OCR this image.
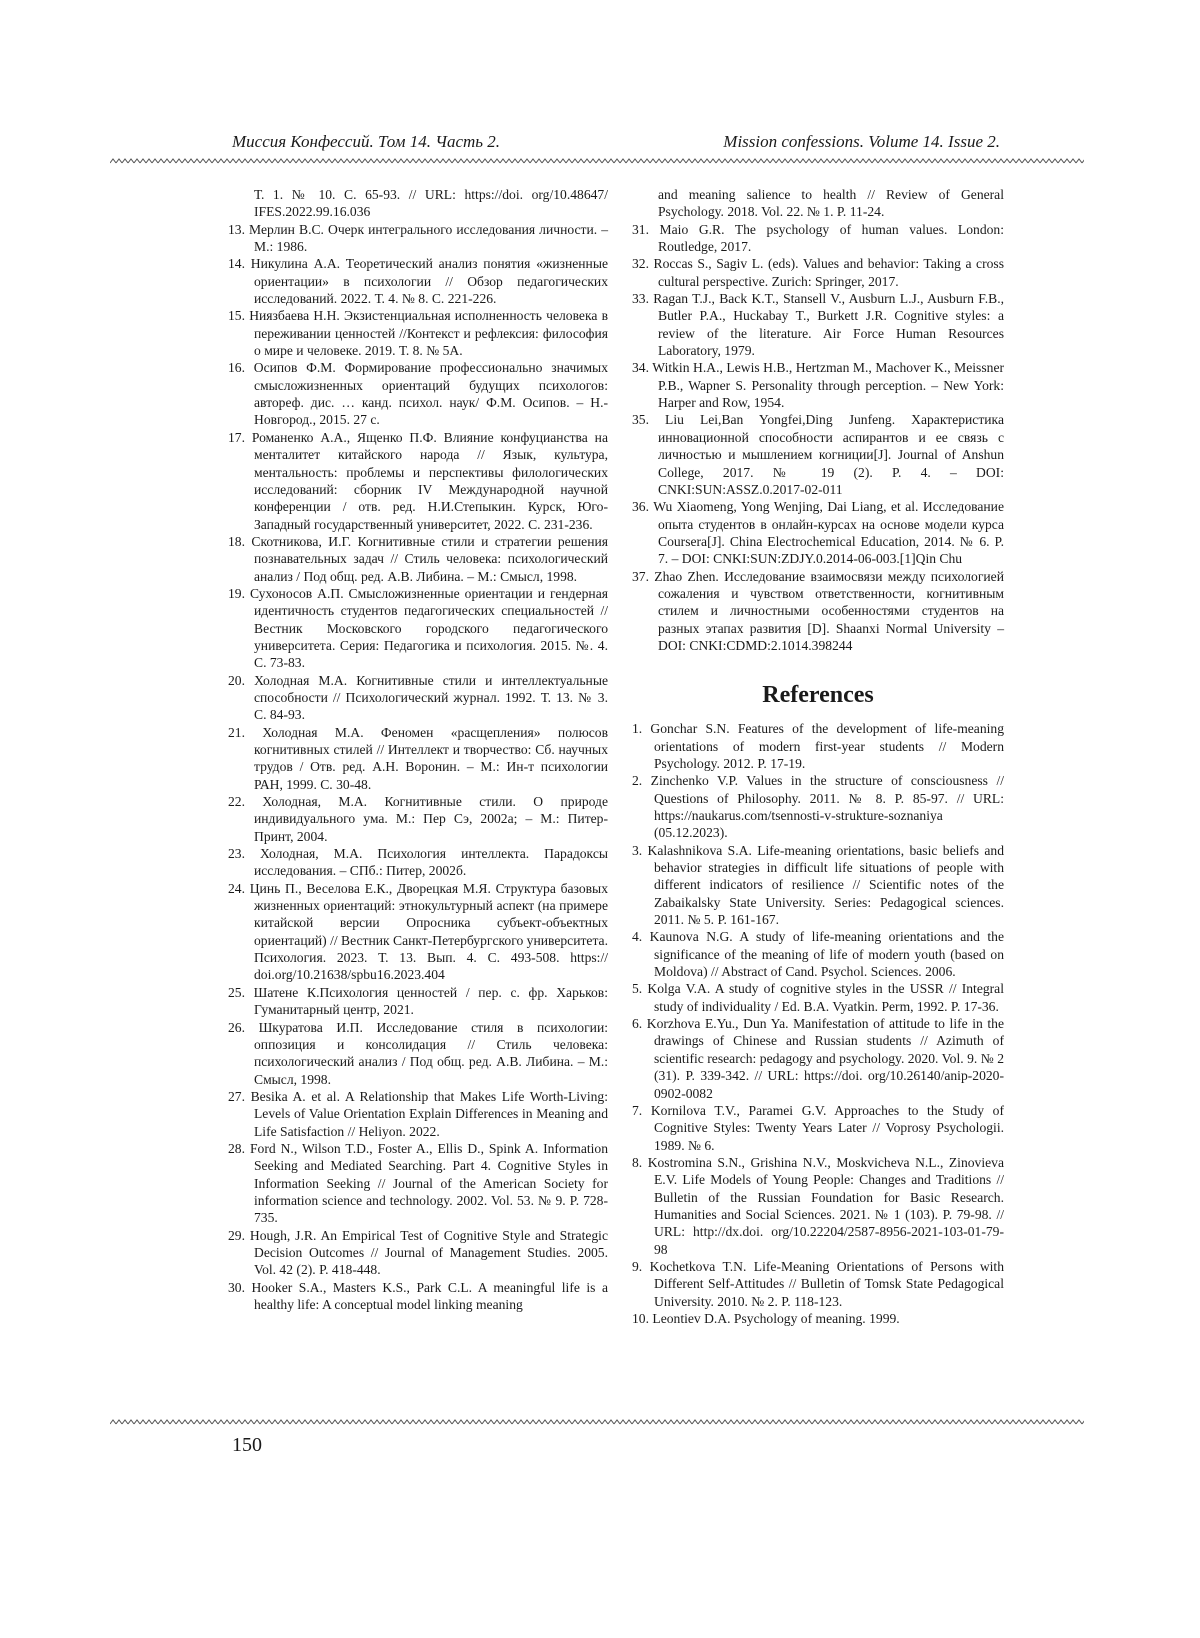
Миссия Конфессий. Том 14. Часть 2.	Mission confessions. Volume 14. Issue 2.

Т. 1. № 10. С. 65-93. // URL: https://doi. org/10.48647/ IFES.2022.99.16.036

13. Мерлин В.С. Очерк интегрального исследования личности. – М.: 1986.

14. Никулина А.А. Теоретический анализ понятия «жизненные ориентации» в психологии // Обзор педагогических исследований. 2022. Т. 4. № 8. С. 221-226.

15. Ниязбаева Н.Н. Экзистенциальная исполненность человека в переживании ценностей //Контекст и рефлексия: философия о мире и человеке. 2019. Т. 8. № 5А.

16. Осипов Ф.М. Формирование профессионально значимых смысложизненных ориентаций будущих психологов: автореф. дис. … канд. психол. наук/ Ф.М. Осипов. – Н.-Новгород., 2015. 27 с.

17. Романенко А.А., Ященко П.Ф. Влияние конфуцианства на менталитет китайского народа // Язык, культура, ментальность: проблемы и перспективы филологических исследований: сборник IV Международной научной конференции / отв. ред. Н.И.Степыкин. Курск, Юго-Западный государственный университет, 2022. С. 231-236.

18. Скотникова, И.Г. Когнитивные стили и стратегии решения познавательных задач // Стиль человека: психологический анализ / Под общ. ред. А.В. Либина. – М.: Смысл, 1998.

19. Сухоносов А.П. Смысложизненные ориентации и гендерная идентичность студентов педагогических специальностей //Вестник Московского городского педагогического университета. Серия: Педагогика и психология. 2015. №. 4. С. 73-83.

20. Холодная М.А. Когнитивные стили и интеллектуальные способности // Психологический журнал. 1992. Т. 13. № 3. С. 84-93.

21. Холодная М.А. Феномен «расщепления» полюсов когнитивных стилей // Интеллект и творчество: Сб. научных трудов / Отв. ред. А.Н. Воронин. – М.: Ин-т психологии РАН, 1999. С. 30-48.

22. Холодная, М.А. Когнитивные стили. О природе индивидуального ума. М.: Пер Сэ, 2002а; – М.: Питер-Принт, 2004.

23. Холодная, М.А. Психология интеллекта. Парадоксы исследования. – СПб.: Питер, 2002б.

24. Цинь П., Веселова Е.К., Дворецкая М.Я. Структура базовых жизненных ориентаций: этнокультурный аспект (на примере китайской версии Опросника субъект-объектных ориентаций) // Вестник Санкт-Петербургского университета. Психология. 2023. Т. 13. Вып. 4. С. 493-508. https:// doi.org/10.21638/spbu16.2023.404

25. Шатене К.Психология ценностей / пер. с. фр. Харьков: Гуманитарный центр, 2021.

26. Шкуратова И.П. Исследование стиля в психологии: оппозиция и консолидация // Стиль человека: психологический анализ / Под общ. ред. А.В. Либина. – М.: Смысл, 1998.

27. Besika A. et al. A Relationship that Makes Life Worth-Living: Levels of Value Orientation Explain Differences in Meaning and Life Satisfaction // Heliyon. 2022.

28. Ford N., Wilson T.D., Foster A., Ellis D., Spink A. Information Seeking and Mediated Searching. Part 4. Cognitive Styles in Information Seeking // Journal of the American Society for information science and technology. 2002. Vol. 53. № 9. P. 728-735.

29. Hough, J.R. An Empirical Test of Cognitive Style and Strategic Decision Outcomes // Journal of Management Studies. 2005. Vol. 42 (2). P. 418-448.

30. Hooker S.A., Masters K.S., Park C.L. A meaningful life is a healthy life: A conceptual model linking meaning

and meaning salience to health // Review of General Psychology. 2018. Vol. 22. № 1. P. 11-24.

31. Maio G.R. The psychology of human values. London: Routledge, 2017.

32. Roccas S., Sagiv L. (eds). Values and behavior: Taking a cross cultural perspective. Zurich: Springer, 2017.

33. Ragan T.J., Back K.T., Stansell V., Ausburn L.J., Ausburn F.B., Butler P.A., Huckabay T., Burkett J.R. Cognitive styles: a review of the literature. Air Force Human Resources Laboratory, 1979.

34. Witkin H.A., Lewis H.B., Hertzman M., Machover K., Meissner P.B., Wapner S. Personality through perception. – New York: Harper and Row, 1954.

35. Liu Lei,Ban Yongfei,Ding Junfeng. Характеристика инновационной способности аспирантов и ее связь с личностью и мышлением когниции[J]. Journal of Anshun College, 2017. № 19 (2). P. 4. – DOI: CNKI:SUN:ASSZ.0.2017-02-011

36. Wu Xiaomeng, Yong Wenjing, Dai Liang, et al. Исследование опыта студентов в онлайн-курсах на основе модели курса Coursera[J]. China Electrochemical Education, 2014. № 6. P. 7. – DOI: CNKI:SUN:ZDJY.0.2014-06-003.[1]Qin Chu

37. Zhao Zhen. Исследование взаимосвязи между психологией сожаления и чувством ответственности, когнитивным стилем и личностными особенностями студентов на разных этапах развития [D]. Shaanxi Normal University – DOI: CNKI:CDMD:2.1014.398244

References

1. Gonchar S.N. Features of the development of life-meaning orientations of modern first-year students // Modern Psychology. 2012. P. 17-19.

2. Zinchenko V.P. Values in the structure of consciousness // Questions of Philosophy. 2011. № 8. P. 85-97. // URL: https://naukarus.com/tsennosti-v-strukture-soznaniya (05.12.2023).

3. Kalashnikova S.A. Life-meaning orientations, basic beliefs and behavior strategies in difficult life situations of people with different indicators of resilience // Scientific notes of the Zabaikalsky State University. Series: Pedagogical sciences. 2011. № 5. P. 161-167.

4. Kaunova N.G. A study of life-meaning orientations and the significance of the meaning of life of modern youth (based on Moldova) // Abstract of Cand. Psychol. Sciences. 2006.

5. Kolga V.A. A study of cognitive styles in the USSR // Integral study of individuality / Ed. B.A. Vyatkin. Perm, 1992. P. 17-36.

6. Korzhova E.Yu., Dun Ya. Manifestation of attitude to life in the drawings of Chinese and Russian students // Azimuth of scientific research: pedagogy and psychology. 2020. Vol. 9. № 2 (31). P. 339-342. // URL: https://doi. org/10.26140/anip-2020-0902-0082

7. Kornilova T.V., Paramei G.V. Approaches to the Study of Cognitive Styles: Twenty Years Later // Voprosy Psychologii. 1989. № 6.

8. Kostromina S.N., Grishina N.V., Moskvicheva N.L., Zinovieva E.V. Life Models of Young People: Changes and Traditions // Bulletin of the Russian Foundation for Basic Research. Humanities and Social Sciences. 2021. № 1 (103). P. 79-98. // URL: http://dx.doi. org/10.22204/2587-8956-2021-103-01-79-98

9. Kochetkova T.N. Life-Meaning Orientations of Persons with Different Self-Attitudes // Bulletin of Tomsk State Pedagogical University. 2010. № 2. P. 118-123.

10. Leontiev D.A. Psychology of meaning. 1999.

150
